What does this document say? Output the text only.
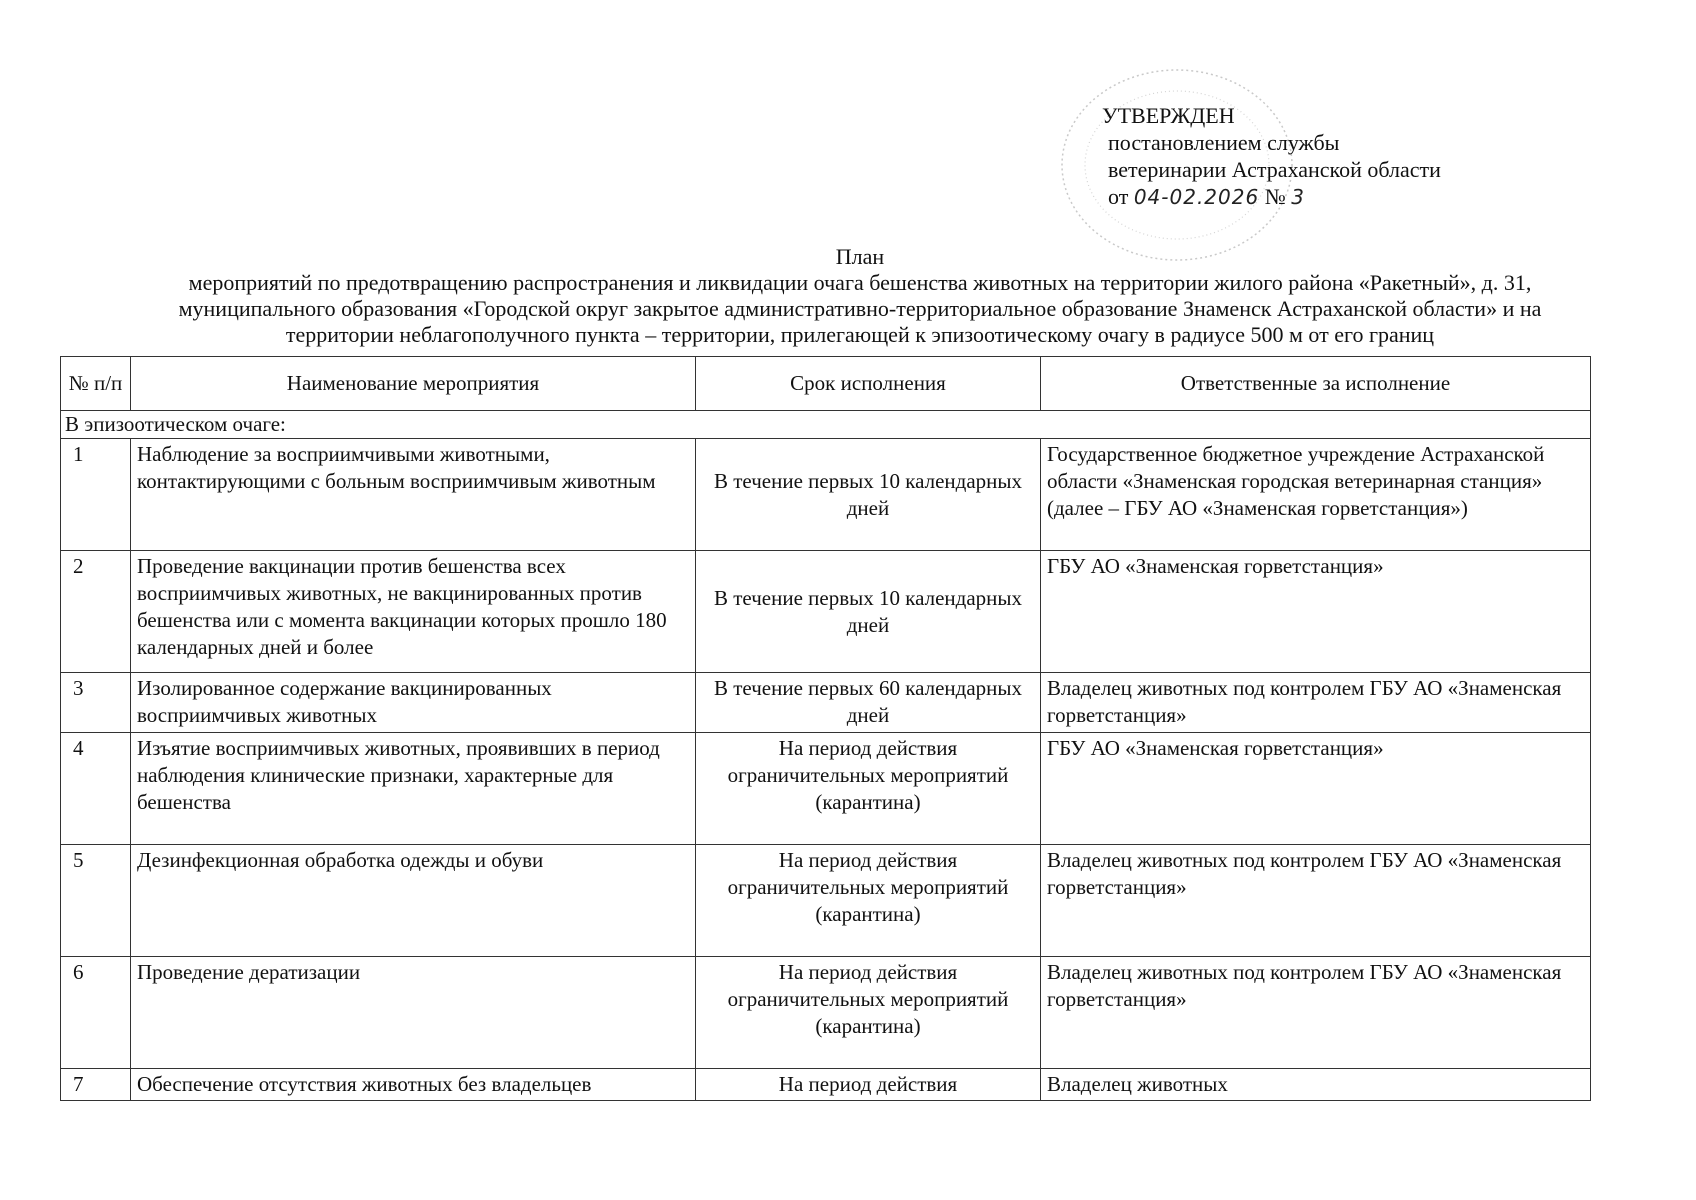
УТВЕРЖДЕН
постановлением службы
ветеринарии Астраханской области
от 04-02.2026 № 3
План
мероприятий по предотвращению распространения и ликвидации очага бешенства животных на территории жилого района «Ракетный», д. 31,
муниципального образования «Городской округ закрытое административно-территориальное образование Знаменск Астраханской области» и на
территории неблагополучного пункта – территории, прилегающей к эпизоотическому очагу в радиусе 500 м от его границ
№ п/п	Наименование мероприятия	Срок исполнения	Ответственные за исполнение
В эпизоотическом очаге:			
1	Наблюдение за восприимчивыми животными, контактирующими с больным восприимчивым животным	В течение первых 10 календарных дней	Государственное бюджетное учреждение Астраханской области «Знаменская городская ветеринарная станция» (далее – ГБУ АО «Знаменская горветстанция»)
2	Проведение вакцинации против бешенства всех восприимчивых животных, не вакцинированных против бешенства или с момента вакцинации которых прошло 180 календарных дней и более	В течение первых 10 календарных дней	ГБУ АО «Знаменская горветстанция»
3	Изолированное содержание вакцинированных восприимчивых животных	В течение первых 60 календарных дней	Владелец животных под контролем ГБУ АО «Знаменская горветстанция»
4	Изъятие восприимчивых животных, проявивших в период наблюдения клинические признаки, характерные для бешенства	На период действия ограничительных мероприятий (карантина)	ГБУ АО «Знаменская горветстанция»
5	Дезинфекционная обработка одежды и обуви	На период действия ограничительных мероприятий (карантина)	Владелец животных под контролем ГБУ АО «Знаменская горветстанция»
6	Проведение дератизации	На период действия ограничительных мероприятий (карантина)	Владелец животных под контролем ГБУ АО «Знаменская горветстанция»
7	Обеспечение отсутствия животных без владельцев	На период действия	Владелец животных
